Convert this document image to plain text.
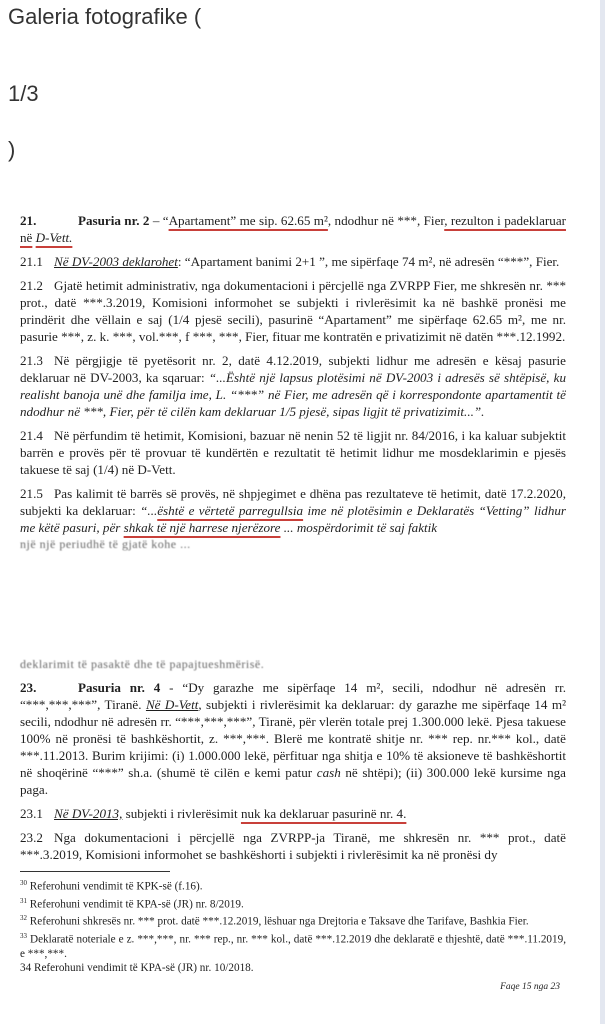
Galeria fotografike (
1/3
)

21.	Pasuria nr. 2 – “Apartament” me sip. 62.65 m², ndodhur në ***, Fier, rezulton i padeklaruar në D-Vett.

21.1 Në DV-2003 deklarohet: “Apartament banimi 2+1 ”, me sipërfaqe 74 m², në adresën “***”, Fier.

21.2 Gjatë hetimit administrativ, nga dokumentacioni i përcjellë nga ZVRPP Fier, me shkresën nr. *** prot., datë ***.3.2019, Komisioni informohet se subjekti i rivlerësimit ka në bashkë pronësi me prindërit dhe vëllain e saj (1/4 pjesë secili), pasurinë “Apartament” me sipërfaqe 62.65 m², me nr. pasurie ***, z. k. ***, vol.***, f ***, ***, Fier, fituar me kontratën e privatizimit në datën ***.12.1992.

21.3 Në përgjigje të pyetësorit nr. 2, datë 4.12.2019, subjekti lidhur me adresën e kësaj pasurie deklaruar në DV-2003, ka sqaruar: “...Është një lapsus plotësimi në DV-2003 i adresës së shtëpisë, ku realisht banoja unë dhe familja ime, L. “***” në Fier, me adresën që i korrespondonte apartamentit të ndodhur në ***, Fier, për të cilën kam deklaruar 1/5 pjesë, sipas ligjit të privatizimit...”.

21.4 Në përfundim të hetimit, Komisioni, bazuar në nenin 52 të ligjit nr. 84/2016, i ka kaluar subjektit barrën e provës për të provuar të kundërtën e rezultatit të hetimit lidhur me mosdeklarimin e pjesës takuese të saj (1/4) në D-Vett.

21.5 Pas kalimit të barrës së provës, në shpjegimet e dhëna pas rezultateve të hetimit, datë 17.2.2020, subjekti ka deklaruar: “...është e vërtetë parregullsia ime në plotësimin e Deklaratës “Vetting” lidhur me këtë pasuri, për shkak të një harrese njerëzore ... mospërdorimit të saj faktik

një një periudhë të gjatë kohe ...
deklarimit të pasaktë dhe të papajtueshmërisë.

23.	Pasuria nr. 4 - “Dy garazhe me sipërfaqe 14 m², secili, ndodhur në adresën rr. “***,***,***”, Tiranë. Në D-Vett, subjekti i rivlerësimit ka deklaruar: dy garazhe me sipërfaqe 14 m² secili, ndodhur në adresën rr. “***,***,***”, Tiranë, për vlerën totale prej 1.300.000 lekë. Pjesa takuese 100% në pronësi të bashkëshortit, z. ***,***. Blerë me kontratë shitje nr. *** rep. nr.*** kol., datë ***.11.2013. Burim krijimi: (i) 1.000.000 lekë, përfituar nga shitja e 10% të aksioneve të bashkëshortit në shoqërinë “***” sh.a. (shumë të cilën e kemi patur cash në shtëpi); (ii) 300.000 lekë kursime nga paga.

23.1 Në DV-2013, subjekti i rivlerësimit nuk ka deklaruar pasurinë nr. 4.

23.2 Nga dokumentacioni i përcjellë nga ZVRPP-ja Tiranë, me shkresën nr. *** prot., datë ***.3.2019, Komisioni informohet se bashkëshorti i subjekti i rivlerësimit ka në pronësi dy

$^{30}$ Referohuni vendimit të KPK-së (f.16).

$^{31}$ Referohuni vendimit të KPA-së (JR) nr. 8/2019.

$^{32}$ Referohuni shkresës nr. *** prot. datë ***.12.2019, lëshuar nga Drejtoria e Taksave dhe Tarifave, Bashkia Fier.

$^{33}$ Deklaratë noteriale e z. ***,***, nr. *** rep., nr. *** kol., datë ***.12.2019 dhe deklaratë e thjeshtë, datë ***.11.2019, e ***,***.

34 Referohuni vendimit të KPA-së (JR) nr. 10/2018.

Faqe 15 nga 23
